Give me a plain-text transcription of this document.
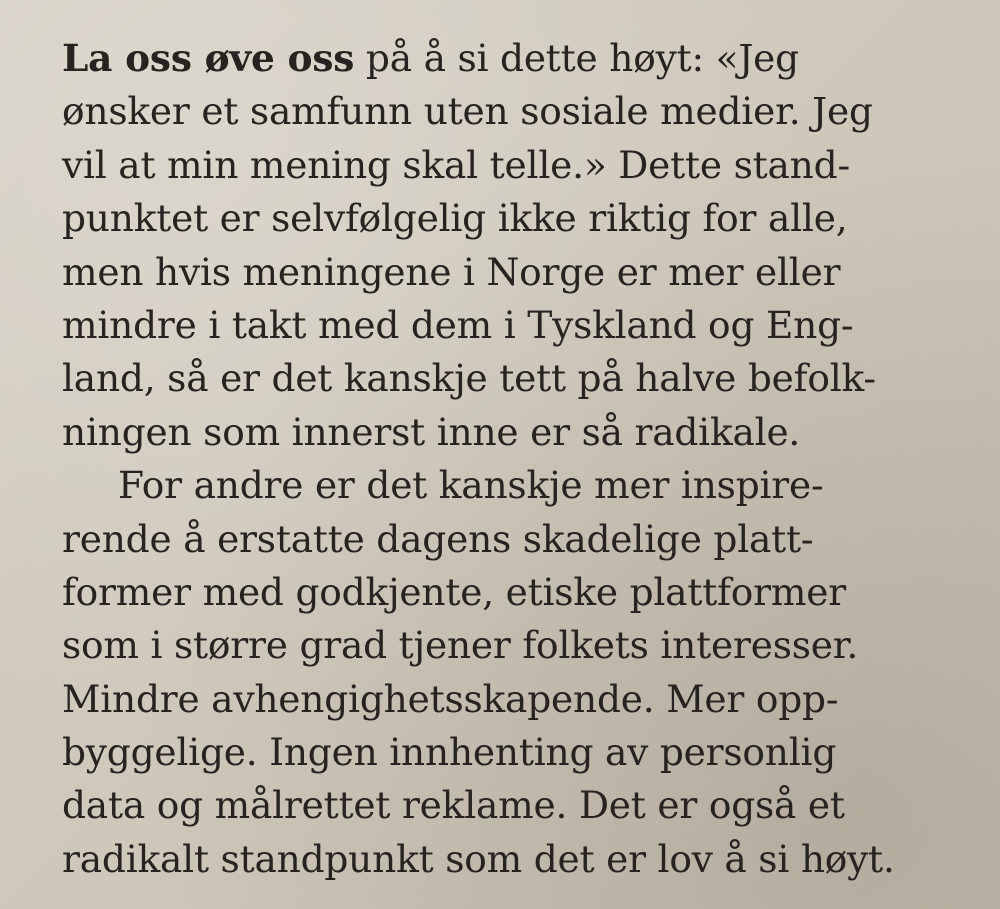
La oss øve oss på å si dette høyt: «Jeg
ønsker et samfunn uten sosiale medier. Jeg
vil at min mening skal telle.» Dette stand-
punktet er selvfølgelig ikke riktig for alle,
men hvis meningene i Norge er mer eller
mindre i takt med dem i Tyskland og Eng-
land, så er det kanskje tett på halve befolk-
ningen som innerst inne er så radikale.
For andre er det kanskje mer inspire-
rende å erstatte dagens skadelige platt-
former med godkjente, etiske plattformer
som i større grad tjener folkets interesser.
Mindre avhengighetsskapende. Mer opp-
byggelige. Ingen innhenting av personlig
data og målrettet reklame. Det er også et
radikalt standpunkt som det er lov å si høyt.
